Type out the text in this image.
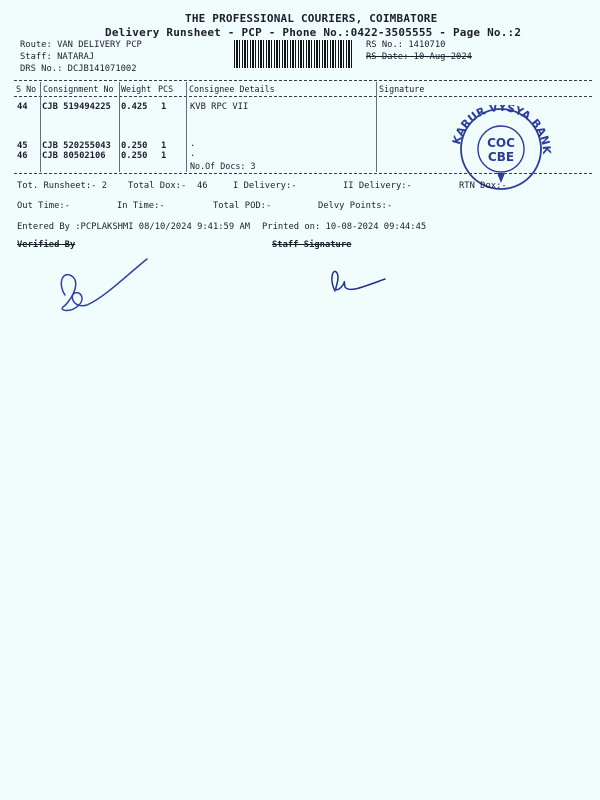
THE PROFESSIONAL COURIERS, COIMBATORE
Delivery Runsheet - PCP - Phone No.:0422-3505555 - Page No.:2
Route: VAN DELIVERY PCP
Staff: NATARAJ
DRS No.: DCJB141071002
RS No.: 1410710
RS Date: 10-Aug-2024
S No Consignment No Weight PCS Consignee Details	Signature
44 CJB 519494225 0.425 1	KVB RPC VII
45 CJB 520255043 0.250 1	.
46 CJB 80502106 0.250 1	.
No.Of Docs: 3

KARUR VYSYA BANK
COC
CBE

Tot. Runsheet:- 2 Total Dox:- 46	I Delivery:-	II Delivery:-	RTN Dox:-
Out Time:-	In Time:-	Total POD:-	Delvy Points:-
Entered By :PCPLAKSHMI 08/10/2024 9:41:59 AM Printed on: 10-08-2024 09:44:45
Verified By	Staff Signature
